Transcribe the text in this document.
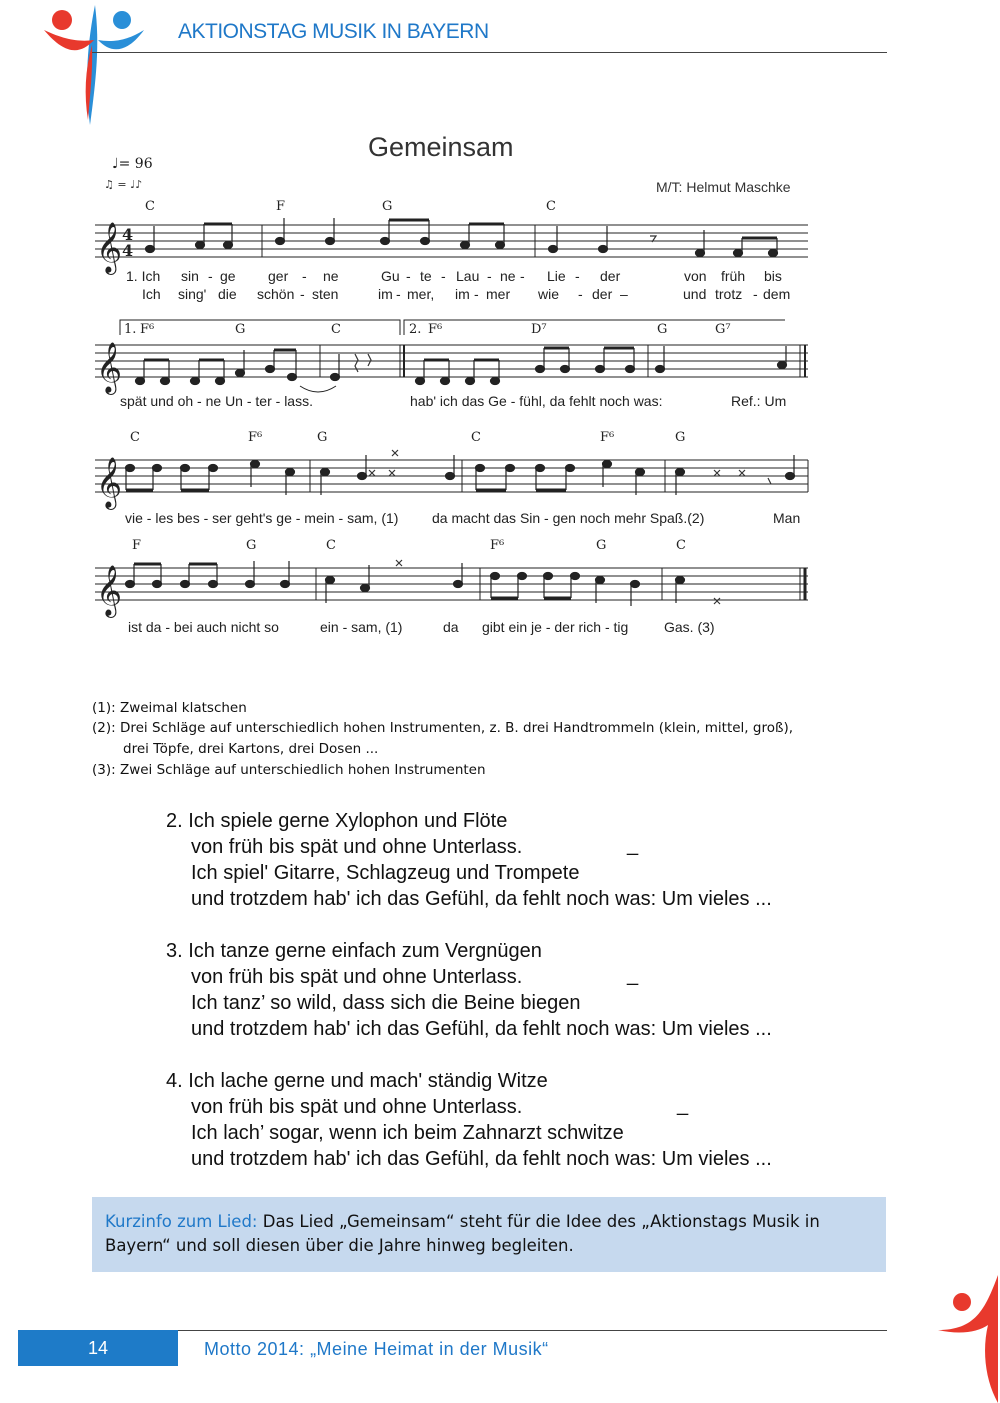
AKTIONSTAG MUSIK IN BAYERN
Gemeinsam
♩= 96
♫ = ♩♪	M/T: Helmut Maschke
𝄞
𝄞
𝄞
𝄞
4
4
C	F	G	C
1. Ich sin - ge ger - ne	Gu - te - Lau - ne - Lie - der	von früh bis
Ich sing' die schön - sten	im - mer, im - mer wie - der –	und trotz - dem
1. F⁶	G	C	2. F⁶	D⁷	G	G⁷
spät und oh - ne Un - ter - lass.	hab' ich das Ge - fühl, da fehlt noch was:	Ref.: Um
C	F⁶	G	C	F⁶	G
vie - les bes - ser geht's ge - mein - sam, (1) da macht das Sin - gen noch mehr Spaß.(2)	Man
F	G	C	F⁶	G	C
ist da - bei auch nicht so	ein - sam, (1)	da gibt ein je - der rich - tig	Gas. (3)
(1): Zweimal klatschen
(2): Drei Schläge auf unterschiedlich hohen Instrumenten, z. B. drei Handtrommeln (klein, mittel, groß),
drei Töpfe, drei Kartons, drei Dosen ...
(3): Zwei Schläge auf unterschiedlich hohen Instrumenten
2. Ich spiele gerne Xylophon und Flöte
von früh bis spät und ohne Unterlass.
Ich spiel' Gitarre, Schlagzeug und Trompete
und trotzdem hab' ich das Gefühl, da fehlt noch was: Um vieles ...
_
3. Ich tanze gerne einfach zum Vergnügen
von früh bis spät und ohne Unterlass.
Ich tanz’ so wild, dass sich die Beine biegen
und trotzdem hab' ich das Gefühl, da fehlt noch was: Um vieles ...
_
4. Ich lache gerne und mach' ständig Witze
von früh bis spät und ohne Unterlass.
Ich lach’ sogar, wenn ich beim Zahnarzt schwitze
und trotzdem hab' ich das Gefühl, da fehlt noch was: Um vieles ...
_
Kurzinfo zum Lied: Das Lied „Gemeinsam“ steht für die Idee des „Aktionstags Musik in Bayern“ und soll diesen über die Jahre hinweg begleiten.
14	Motto 2014: „Meine Heimat in der Musik“
